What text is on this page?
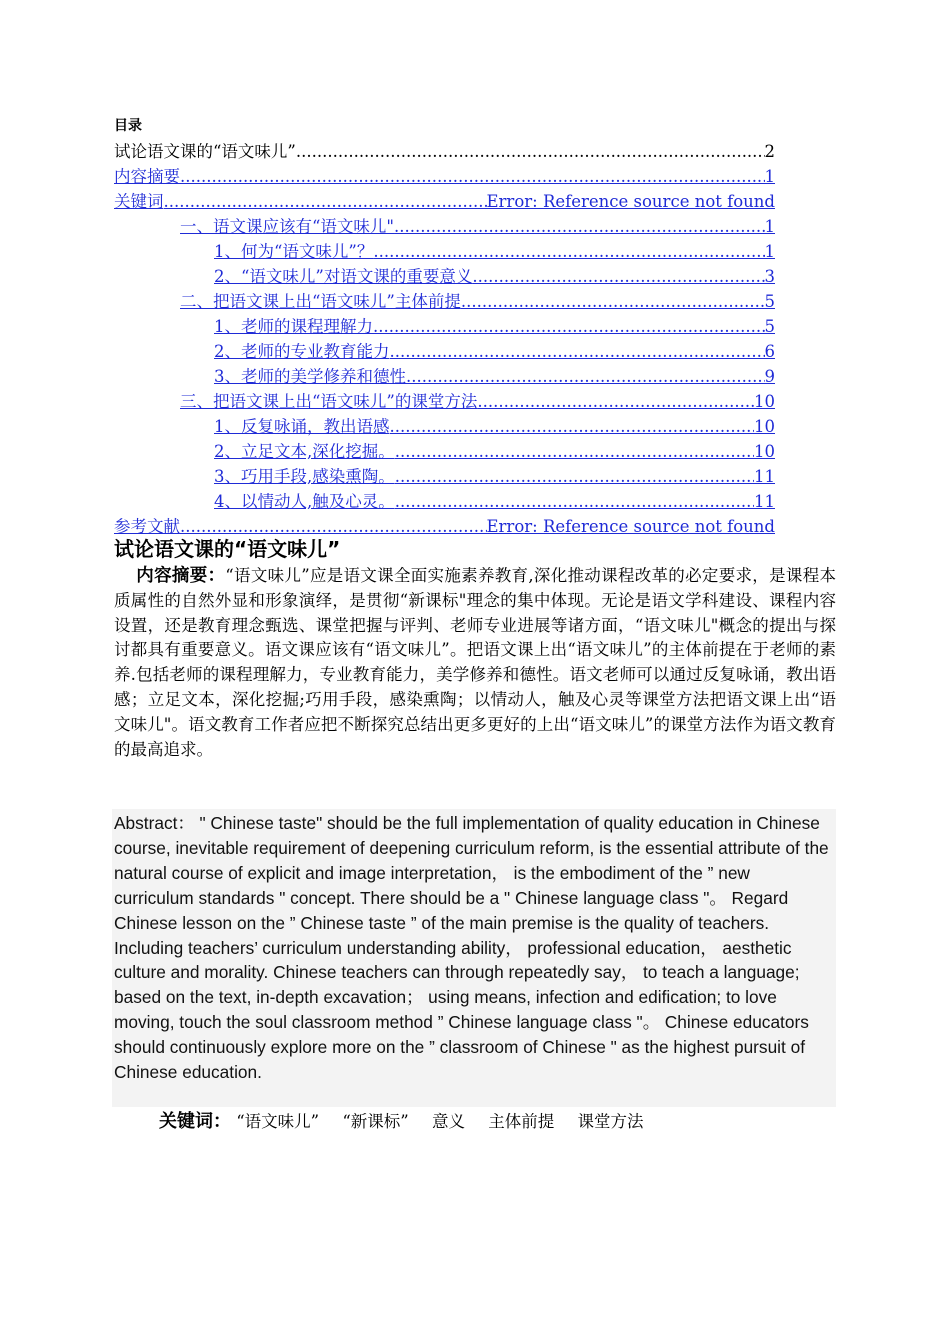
目录
试论语文课的“语文味儿” .....	2
内容摘要 .....	1
关键词 .....	Error: Reference source not found
一、语文课应该有“语文味儿" .....	1
1、何为“语文味儿”？ .....	1
2、“语文味儿”对语文课的重要意义 .....	3
二、把语文课上出“语文味儿”主体前提 .....	5
1、老师的课程理解力 .....	5
2、老师的专业教育能力 .....	6
3、老师的美学修养和德性 .....	9
三、把语文课上出“语文味儿”的课堂方法 .....	10
1、反复咏诵，教出语感 .....	10
2、立足文本,深化挖掘。 .....	10
3、巧用手段,感染熏陶。 .....	11
4、以情动人,触及心灵。 .....	11
参考文献 .....	Error: Reference source not found
试论语文课的“语文味儿”
内容摘要：“语文味儿”应是语文课全面实施素养教育,深化推动课程改革的必定要求，是课程本质属性的自然外显和形象演绎，是贯彻“新课标"理念的集中体现。无论是语文学科建设、课程内容设置，还是教育理念甄选、课堂把握与评判、老师专业进展等诸方面，“语文味儿"概念的提出与探讨都具有重要意义。语文课应该有“语文味儿”。把语文课上出“语文味儿”的主体前提在于老师的素养.包括老师的课程理解力，专业教育能力，美学修养和德性。语文老师可以通过反复咏诵，教出语感；立足文本，深化挖掘;巧用手段，感染熏陶；以情动人，触及心灵等课堂方法把语文课上出“语文味儿"。语文教育工作者应把不断探究总结出更多更好的上出“语文味儿”的课堂方法作为语文教育的最高追求。
Abstract： " Chinese taste" should be the full implementation of quality education in Chinese course, inevitable requirement of deepening curriculum reform, is the essential attribute of the natural course of explicit and image interpretation， is the embodiment of the ” new curriculum standards " concept. There should be a " Chinese language class "。 Regard Chinese lesson on the ” Chinese taste ” of the main premise is the quality of teachers. Including teachers’ curriculum understanding ability， professional education， aesthetic culture and morality. Chinese teachers can through repeatedly say， to teach a language; based on the text, in-depth excavation； using means, infection and edification; to love moving, touch the soul classroom method ” Chinese language class "。 Chinese educators should continuously explore more on the ” classroom of Chinese " as the highest pursuit of Chinese education.
关键词： “语文味儿” “新课标” 意义 主体前提 课堂方法
